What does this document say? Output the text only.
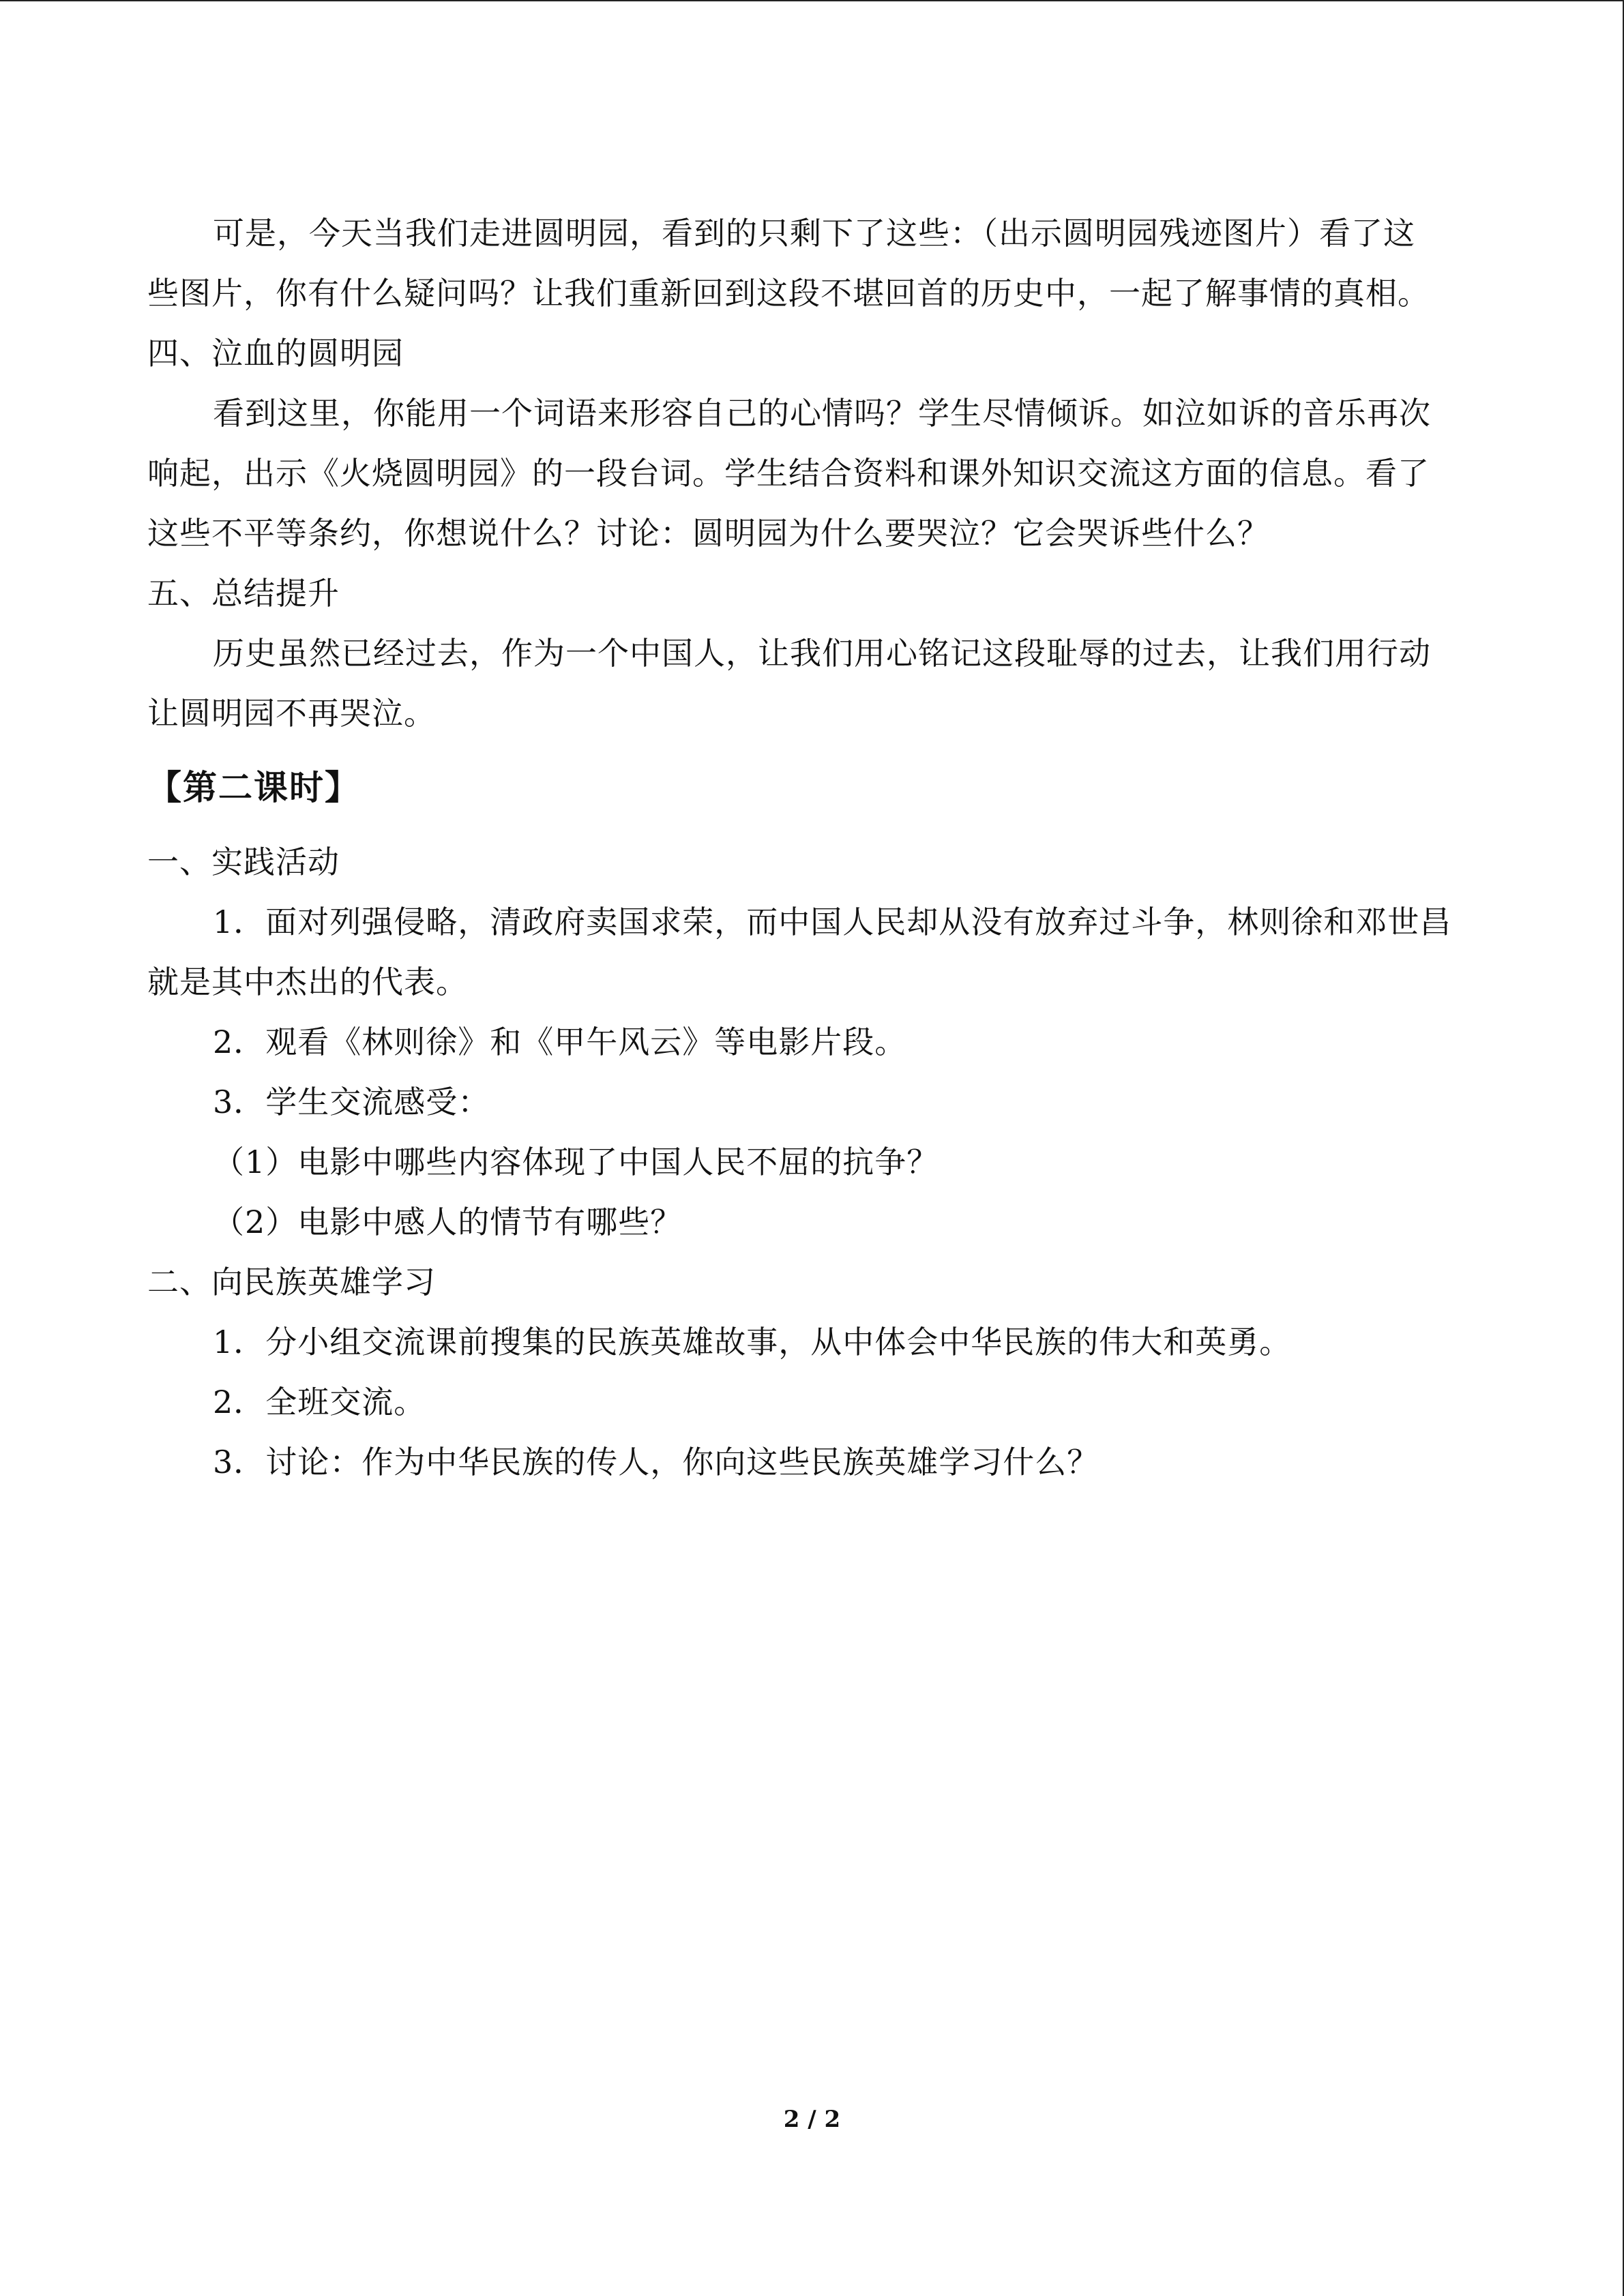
可是，今天当我们走进圆明园，看到的只剩下了这些：（出示圆明园残迹图片）看了这
些图片，你有什么疑问吗？让我们重新回到这段不堪回首的历史中，一起了解事情的真相。
四、泣血的圆明园
看到这里，你能用一个词语来形容自己的心情吗？学生尽情倾诉。如泣如诉的音乐再次
响起，出示《火烧圆明园》的一段台词。学生结合资料和课外知识交流这方面的信息。看了
这些不平等条约，你想说什么？讨论：圆明园为什么要哭泣？它会哭诉些什么？
五、总结提升
历史虽然已经过去，作为一个中国人，让我们用心铭记这段耻辱的过去，让我们用行动
让圆明园不再哭泣。
【第二课时】
一、实践活动
1．面对列强侵略，清政府卖国求荣，而中国人民却从没有放弃过斗争，林则徐和邓世昌
就是其中杰出的代表。
2．观看《林则徐》和《甲午风云》等电影片段。
3．学生交流感受：
（1）电影中哪些内容体现了中国人民不屈的抗争？
（2）电影中感人的情节有哪些？
二、向民族英雄学习
1．分小组交流课前搜集的民族英雄故事，从中体会中华民族的伟大和英勇。
2．全班交流。
3．讨论：作为中华民族的传人，你向这些民族英雄学习什么？
2 / 2
